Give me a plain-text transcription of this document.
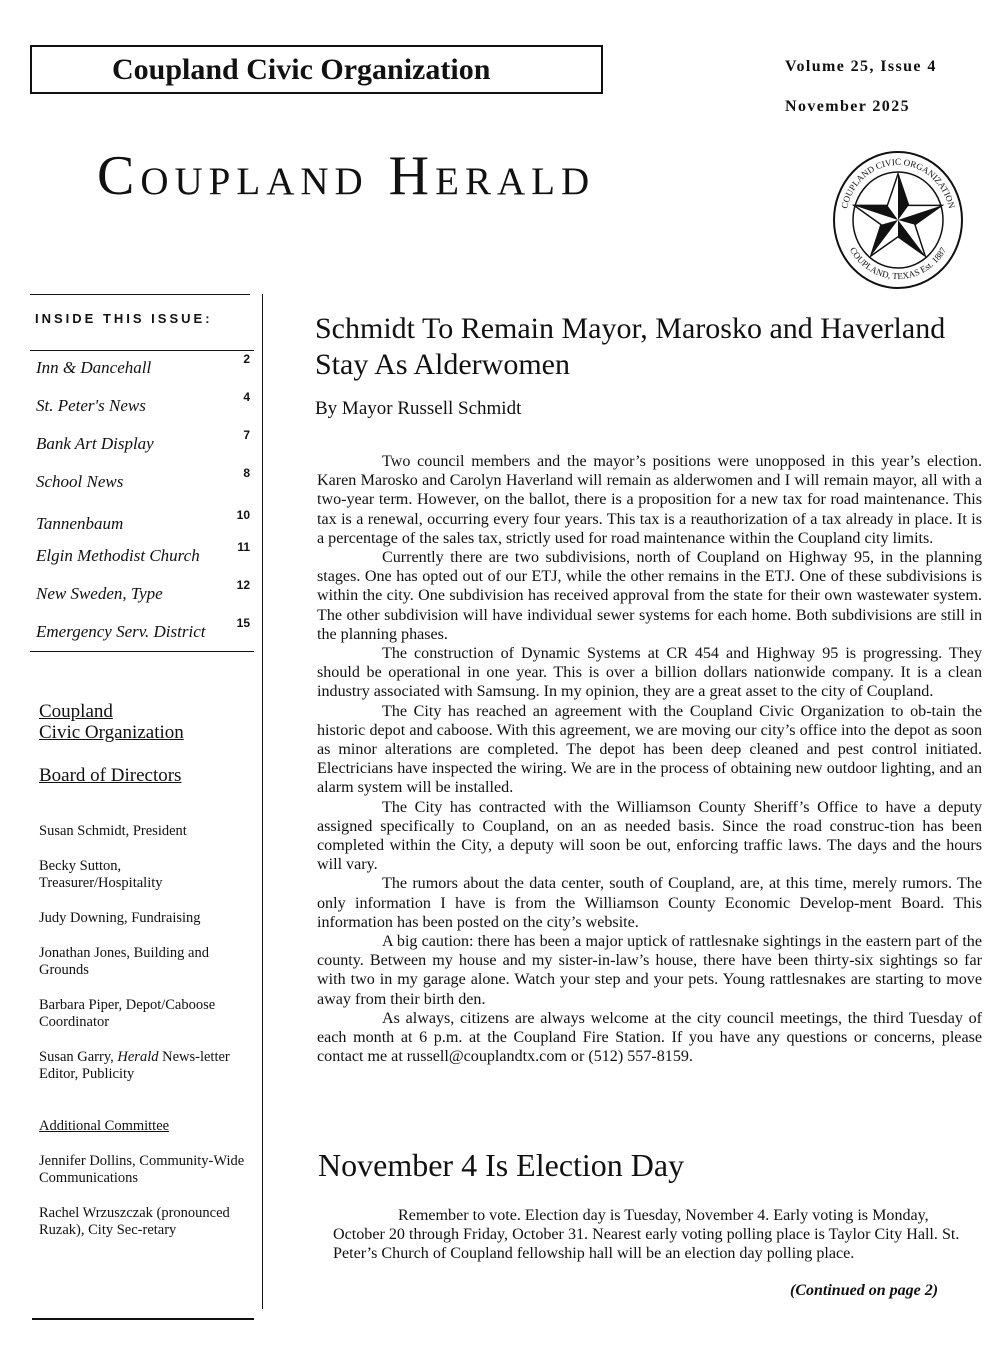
Coupland Civic Organization	Volume 25, Issue 4
November 2025
Coupland Herald	COUPLAND CIVIC ORGANIZATION
COUPLAND, TEXAS Est. 1887
INSIDE THIS ISSUE:
Inn & Dancehall	2
St. Peter's News	4
Bank Art Display	7
School News	8
Tannenbaum	10
Elgin Methodist Church	11
New Sweden, Type	12
Emergency Serv. District	15
Coupland
Civic Organization
Board of Directors
Susan Schmidt, President
Becky Sutton, Treasurer/Hospitality
Judy Downing, Fundraising
Jonathan Jones, Building and Grounds
Barbara Piper, Depot/Caboose Coordinator
Susan Garry, Herald News-letter Editor, Publicity
Additional Committee
Jennifer Dollins, Community-Wide Communications
Rachel Wrzuszczak (pronounced Ruzak), City Sec-retary
Schmidt To Remain Mayor, Marosko and Haverland Stay As Alderwomen
By Mayor Russell Schmidt

Two council members and the mayor’s positions were unopposed in this year’s election. Karen Marosko and Carolyn Haverland will remain as alderwomen and I will remain mayor, all with a two-year term. However, on the ballot, there is a proposition for a new tax for road maintenance. This tax is a renewal, occurring every four years. This tax is a reauthorization of a tax already in place. It is a percentage of the sales tax, strictly used for road maintenance within the Coupland city limits.

Currently there are two subdivisions, north of Coupland on Highway 95, in the planning stages. One has opted out of our ETJ, while the other remains in the ETJ. One of these subdivisions is within the city. One subdivision has received approval from the state for their own wastewater system. The other subdivision will have individual sewer systems for each home. Both subdivisions are still in the planning phases.

The construction of Dynamic Systems at CR 454 and Highway 95 is progressing. They should be operational in one year. This is over a billion dollars nationwide company. It is a clean industry associated with Samsung. In my opinion, they are a great asset to the city of Coupland.

The City has reached an agreement with the Coupland Civic Organization to ob-tain the historic depot and caboose. With this agreement, we are moving our city’s office into the depot as soon as minor alterations are completed. The depot has been deep cleaned and pest control initiated. Electricians have inspected the wiring. We are in the process of obtaining new outdoor lighting, and an alarm system will be installed.

The City has contracted with the Williamson County Sheriff’s Office to have a deputy assigned specifically to Coupland, on an as needed basis. Since the road construc-tion has been completed within the City, a deputy will soon be out, enforcing traffic laws. The days and the hours will vary.

The rumors about the data center, south of Coupland, are, at this time, merely rumors. The only information I have is from the Williamson County Economic Develop-ment Board. This information has been posted on the city’s website.

A big caution: there has been a major uptick of rattlesnake sightings in the eastern part of the county. Between my house and my sister-in-law’s house, there have been thirty-six sightings so far with two in my garage alone. Watch your step and your pets. Young rattlesnakes are starting to move away from their birth den.

As always, citizens are always welcome at the city council meetings, the third Tuesday of each month at 6 p.m. at the Coupland Fire Station. If you have any questions or concerns, please contact me at russell@couplandtx.com or (512) 557-8159.

November 4 Is Election Day

Remember to vote. Election day is Tuesday, November 4. Early voting is Monday, October 20 through Friday, October 31. Nearest early voting polling place is Taylor City Hall. St. Peter’s Church of Coupland fellowship hall will be an election day polling place.

(Continued on page 2)
